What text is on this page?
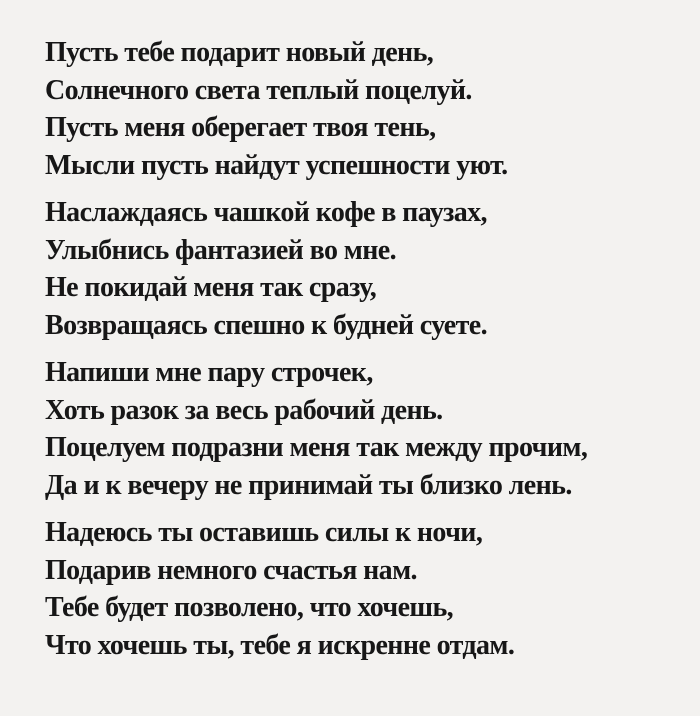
Пусть тебе подарит новый день,
Солнечного света теплый поцелуй.
Пусть меня оберегает твоя тень,
Мысли пусть найдут успешности уют.
Наслаждаясь чашкой кофе в паузах,
Улыбнись фантазией во мне.
Не покидай меня так сразу,
Возвращаясь спешно к будней суете.
Напиши мне пару строчек,
Хоть разок за весь рабочий день.
Поцелуем подразни меня так между прочим,
Да и к вечеру не принимай ты близко лень.
Надеюсь ты оставишь силы к ночи,
Подарив немного счастья нам.
Тебе будет позволено, что хочешь,
Что хочешь ты, тебе я искренне отдам.
